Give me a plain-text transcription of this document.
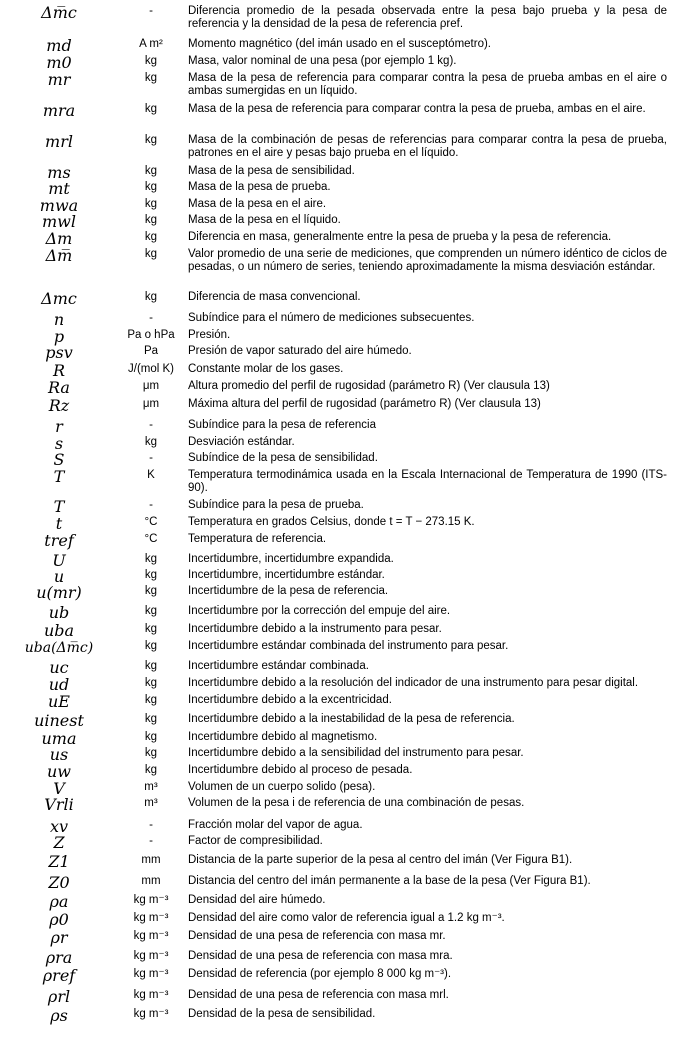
Δm̅c	-	Diferencia promedio de la pesada observada entre la pesa bajo prueba y la pesa de referencia y la densidad de la pesa de referencia ρref.
md	A m²	Momento magnético (del imán usado en el susceptómetro).
m0	kg	Masa, valor nominal de una pesa (por ejemplo 1 kg).
mr	kg	Masa de la pesa de referencia para comparar contra la pesa de prueba ambas en el aire o ambas sumergidas en un líquido.
mra	kg	Masa de la pesa de referencia para comparar contra la pesa de prueba, ambas en el aire.
mrl	kg	Masa de la combinación de pesas de referencias para comparar contra la pesa de prueba, patrones en el aire y pesas bajo prueba en el líquido.
ms	kg	Masa de la pesa de sensibilidad.
mt	kg	Masa de la pesa de prueba.
mwa	kg	Masa de la pesa en el aire.
mwl	kg	Masa de la pesa en el líquido.
Δm	kg	Diferencia en masa, generalmente entre la pesa de prueba y la pesa de referencia.
Δm̅	kg	Valor promedio de una serie de mediciones, que comprenden un número idéntico de ciclos de pesadas, o un número de series, teniendo aproximadamente la misma desviación estándar.
Δmc	kg	Diferencia de masa convencional.
n	-	Subíndice para el número de mediciones subsecuentes.
p	Pa o hPa	Presión.
psv	Pa	Presión de vapor saturado del aire húmedo.
R	J/(mol K)	Constante molar de los gases.
Ra	μm	Altura promedio del perfil de rugosidad (parámetro R) (Ver clausula 13)
Rz	μm	Máxima altura del perfil de rugosidad (parámetro R) (Ver clausula 13)
r	-	Subíndice para la pesa de referencia
s	kg	Desviación estándar.
S	-	Subíndice de la pesa de sensibilidad.
T	K	Temperatura termodinámica usada en la Escala Internacional de Temperatura de 1990 (ITS-90).
T	-	Subíndice para la pesa de prueba.
t	°C	Temperatura en grados Celsius, donde t = T − 273.15 K.
tref	°C	Temperatura de referencia.
U	kg	Incertidumbre, incertidumbre expandida.
u	kg	Incertidumbre, incertidumbre estándar.
u(mr)	kg	Incertidumbre de la pesa de referencia.
ub	kg	Incertidumbre por la corrección del empuje del aire.
uba	kg	Incertidumbre debido a la instrumento para pesar.
uba(Δm̅c)	kg	Incertidumbre estándar combinada del instrumento para pesar.
uc	kg	Incertidumbre estándar combinada.
ud	kg	Incertidumbre debido a la resolución del indicador de una instrumento para pesar digital.
uE	kg	Incertidumbre debido a la excentricidad.
uinest	kg	Incertidumbre debido a la inestabilidad de la pesa de referencia.
uma	kg	Incertidumbre debido al magnetismo.
us	kg	Incertidumbre debido a la sensibilidad del instrumento para pesar.
uw	kg	Incertidumbre debido al proceso de pesada.
V	m³	Volumen de un cuerpo solido (pesa).
Vrli	m³	Volumen de la pesa i de referencia de una combinación de pesas.
xv	-	Fracción molar del vapor de agua.
Z	-	Factor de compresibilidad.
Z1	mm	Distancia de la parte superior de la pesa al centro del imán (Ver Figura B1).
Z0	mm	Distancia del centro del imán permanente a la base de la pesa (Ver Figura B1).
ρa	kg m⁻³	Densidad del aire húmedo.
ρ0	kg m⁻³	Densidad del aire como valor de referencia igual a 1.2 kg m⁻³.
ρr	kg m⁻³	Densidad de una pesa de referencia con masa mr.
ρra	kg m⁻³	Densidad de una pesa de referencia con masa mra.
ρref	kg m⁻³	Densidad de referencia (por ejemplo 8 000 kg m⁻³).
ρrl	kg m⁻³	Densidad de una pesa de referencia con masa mrl.
ρs	kg m⁻³	Densidad de la pesa de sensibilidad.
